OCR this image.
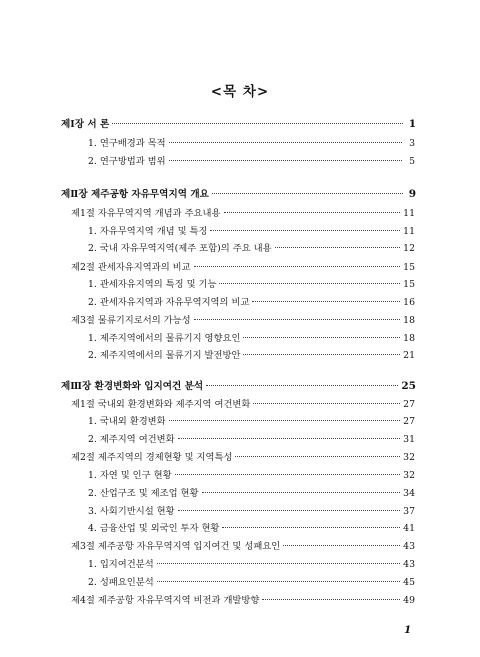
<목 차>
제Ⅰ장 서 론	1
1. 연구배경과 목적	3
2. 연구방법과 범위	5
제Ⅱ장 제주공항 자유무역지역 개요	9
제1절 자유무역지역 개념과 주요내용	11
1. 자유무역지역 개념 및 특징	11
2. 국내 자유무역지역(제주 포함)의 주요 내용	12
제2절 관세자유지역과의 비교	15
1. 관세자유지역의 특징 및 기능	15
2. 관세자유지역과 자유무역지역의 비교	16
제3절 물류기지로서의 가능성	18
1. 제주지역에서의 물류기지 영향요인	18
2. 제주지역에서의 물류기지 발전방안	21
제Ⅲ장 환경변화와 입지여건 분석	25
제1절 국내외 환경변화와 제주지역 여건변화	27
1. 국내외 환경변화	27
2. 제주지역 여건변화	31
제2절 제주지역의 경제현황 및 지역특성	32
1. 자연 및 인구 현황	32
2. 산업구조 및 제조업 현황	34
3. 사회기반시설 현황	37
4. 금융산업 및 외국인 투자 현황	41
제3절 제주공항 자유무역지역 입지여건 및 성패요인	43
1. 입지여건분석	43
2. 성패요인분석	45
제4절 제주공항 자유무역지역 비전과 개발방향	49
1
